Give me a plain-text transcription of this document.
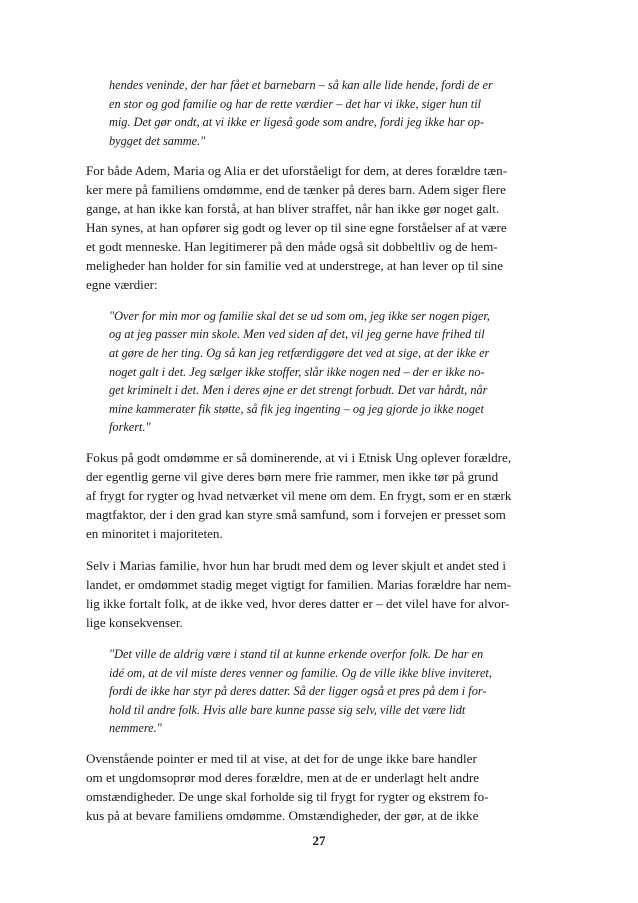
hendes veninde, der har fået et barnebarn – så kan alle lide hende, fordi de er
en stor og god familie og har de rette værdier – det har vi ikke, siger hun til
mig. Det gør ondt, at vi ikke er ligeså gode som andre, fordi jeg ikke har op-
bygget det samme."
For både Adem, Maria og Alia er det uforståeligt for dem, at deres forældre tæn-
ker mere på familiens omdømme, end de tænker på deres barn. Adem siger flere
gange, at han ikke kan forstå, at han bliver straffet, når han ikke gør noget galt.
Han synes, at han opfører sig godt og lever op til sine egne forståelser af at være
et godt menneske. Han legitimerer på den måde også sit dobbeltliv og de hem-
meligheder han holder for sin familie ved at understrege, at han lever op til sine
egne værdier:
"Over for min mor og familie skal det se ud som om, jeg ikke ser nogen piger,
og at jeg passer min skole. Men ved siden af det, vil jeg gerne have frihed til
at gøre de her ting. Og så kan jeg retfærdiggøre det ved at sige, at der ikke er
noget galt i det. Jeg sælger ikke stoffer, slår ikke nogen ned – der er ikke no-
get kriminelt i det. Men i deres øjne er det strengt forbudt. Det var hårdt, når
mine kammerater fik støtte, så fik jeg ingenting – og jeg gjorde jo ikke noget
forkert."
Fokus på godt omdømme er så dominerende, at vi i Etnisk Ung oplever forældre,
der egentlig gerne vil give deres børn mere frie rammer, men ikke tør på grund
af frygt for rygter og hvad netværket vil mene om dem. En frygt, som er en stærk
magtfaktor, der i den grad kan styre små samfund, som i forvejen er presset som
en minoritet i majoriteten.
Selv i Marias familie, hvor hun har brudt med dem og lever skjult et andet sted i
landet, er omdømmet stadig meget vigtigt for familien. Marias forældre har nem-
lig ikke fortalt folk, at de ikke ved, hvor deres datter er – det vilel have for alvor-
lige konsekvenser.
"Det ville de aldrig være i stand til at kunne erkende overfor folk. De har en
idé om, at de vil miste deres venner og familie. Og de ville ikke blive inviteret,
fordi de ikke har styr på deres datter. Så der ligger også et pres på dem i for-
hold til andre folk. Hvis alle bare kunne passe sig selv, ville det være lidt
nemmere."
Ovenstående pointer er med til at vise, at det for de unge ikke bare handler
om et ungdomsoprør mod deres forældre, men at de er underlagt helt andre
omstændigheder. De unge skal forholde sig til frygt for rygter og ekstrem fo-
kus på at bevare familiens omdømme. Omstændigheder, der gør, at de ikke
27
